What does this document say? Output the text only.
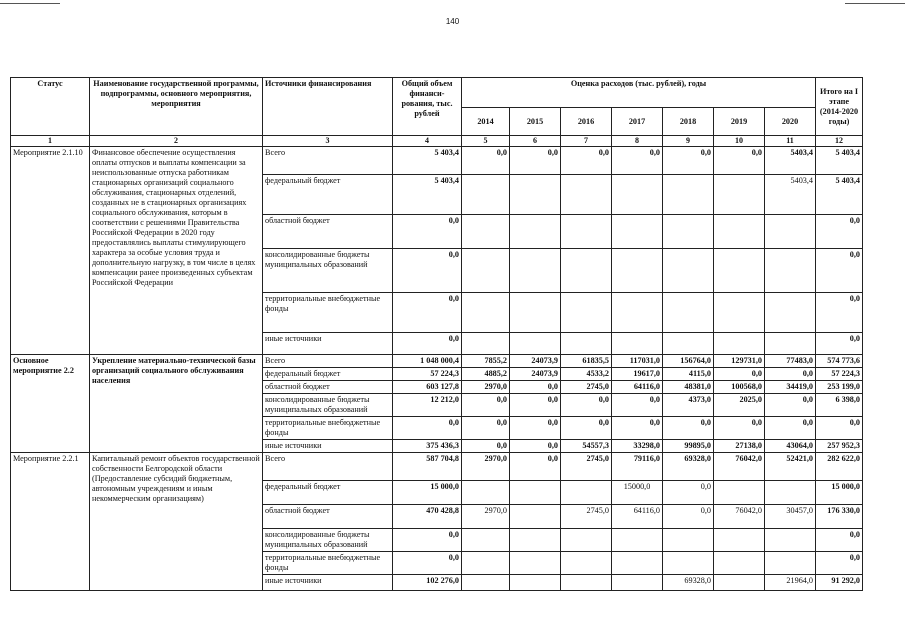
140
Статус	Наименование государственной программы, подпрограммы, основного мероприятия, мероприятия	Источники финансирования	Общий объем финанси-рования, тыс. рублей	Оценка расходов (тыс. рублей), годы							Итого на I этапе (2014-2020 годы)
				2014	2015	2016	2017	2018	2019	2020	
1	2	3	4	5	6	7	8	9	10	11	12
Мероприятие 2.1.10	Финансовое обеспечение осуществления оплаты отпусков и выплаты компенсации за неиспользованные отпуска работникам стационарных организаций социального обслуживания, стационарных отделений, созданных не в стационарных организациях социального обслуживания, которым в соответствии с решениями Правительства Российской Федерации в 2020 году предоставлялись выплаты стимулирующего характера за особые условия труда и дополнительную нагрузку, в том числе в целях компенсации ранее произведенных субъектам Российской Федерации	Всего	5 403,4	0,0	0,0	0,0	0,0	0,0	0,0	5403,4	5 403,4
		федеральный бюджет	5 403,4							5403,4	5 403,4
		областной бюджет	0,0								0,0
		консолидированные бюджеты муниципальных образований	0,0								0,0
		территориальные внебюджетные фонды	0,0								0,0
		иные источники	0,0								0,0
Основное мероприятие 2.2	Укрепление материально-технической базы организаций социального обслуживания населения	Всего	1 048 000,4	7855,2	24073,9	61835,5	117031,0	156764,0	129731,0	77483,0	574 773,6
		федеральный бюджет	57 224,3	4885,2	24073,9	4533,2	19617,0	4115,0	0,0	0,0	57 224,3
		областной бюджет	603 127,8	2970,0	0,0	2745,0	64116,0	48381,0	100568,0	34419,0	253 199,0
		консолидированные бюджеты муниципальных образований	12 212,0	0,0	0,0	0,0	0,0	4373,0	2025,0	0,0	6 398,0
		территориальные внебюджетные фонды	0,0	0,0	0,0	0,0	0,0	0,0	0,0	0,0	0,0
		иные источники	375 436,3	0,0	0,0	54557,3	33298,0	99895,0	27138,0	43064,0	257 952,3
Мероприятие 2.2.1	Капитальный ремонт объектов государственной собственности Белгородской области (Предоставление субсидий бюджетным, автономным учреждениям и иным некоммерческим организациям)	Всего	587 704,8	2970,0	0,0	2745,0	79116,0	69328,0	76042,0	52421,0	282 622,0
		федеральный бюджет	15 000,0				15000,0	0,0			15 000,0
		областной бюджет	470 428,8	2970,0		2745,0	64116,0	0,0	76042,0	30457,0	176 330,0
		консолидированные бюджеты муниципальных образований	0,0								0,0
		территориальные внебюджетные фонды	0,0								0,0
		иные источники	102 276,0					69328,0		21964,0	91 292,0
